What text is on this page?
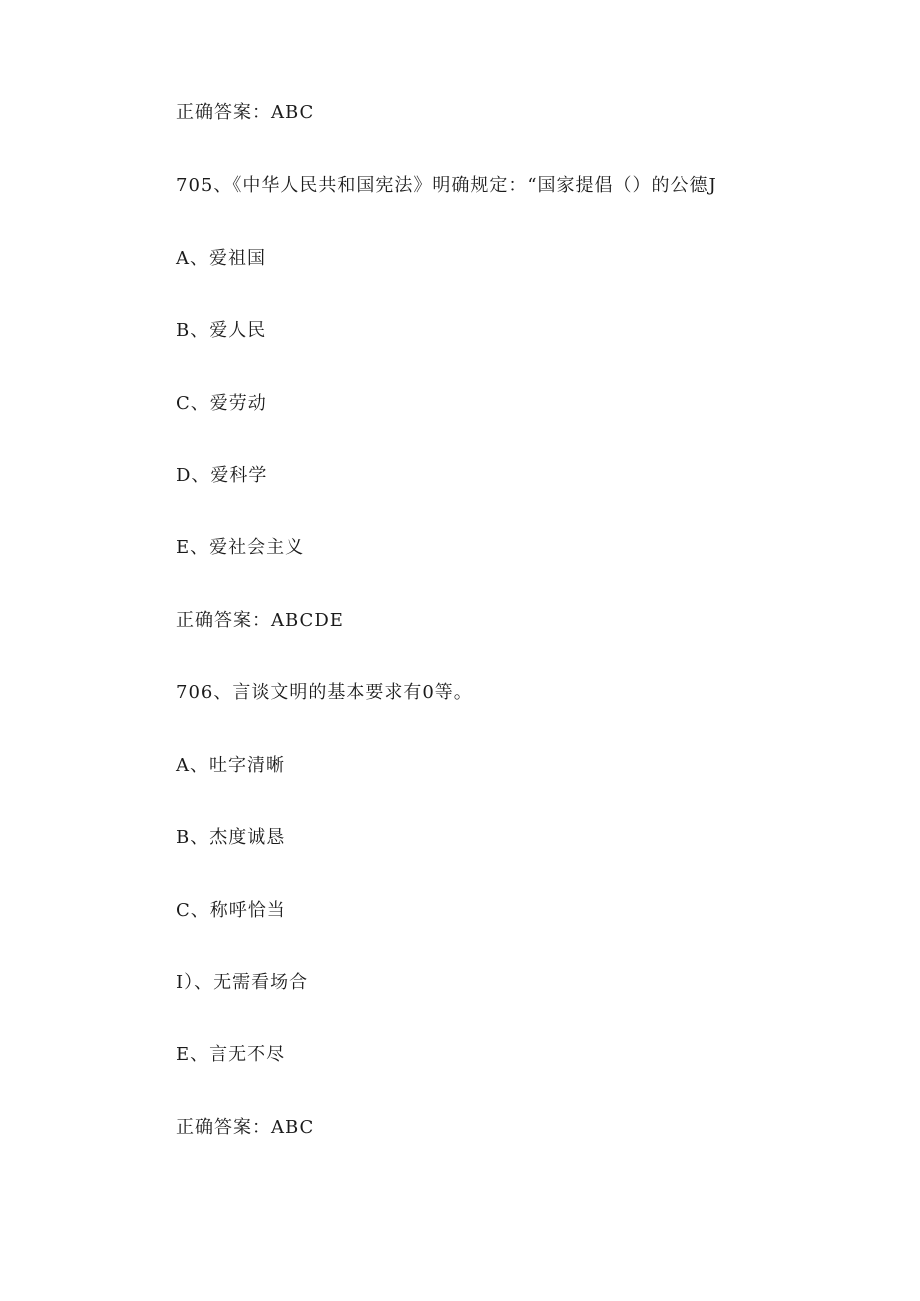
正确答案：ABC
705、《中华人民共和国宪法》明确规定：“国家提倡（）的公德J
A、爱祖国
B、爱人民
C、爱劳动
D、爱科学
E、爱社会主义
正确答案：ABCDE
706、言谈文明的基本要求有0等。
A、吐字清晰
B、杰度诚恳
C、称呼恰当
I）、无需看场合
E、言无不尽
正确答案：ABC
